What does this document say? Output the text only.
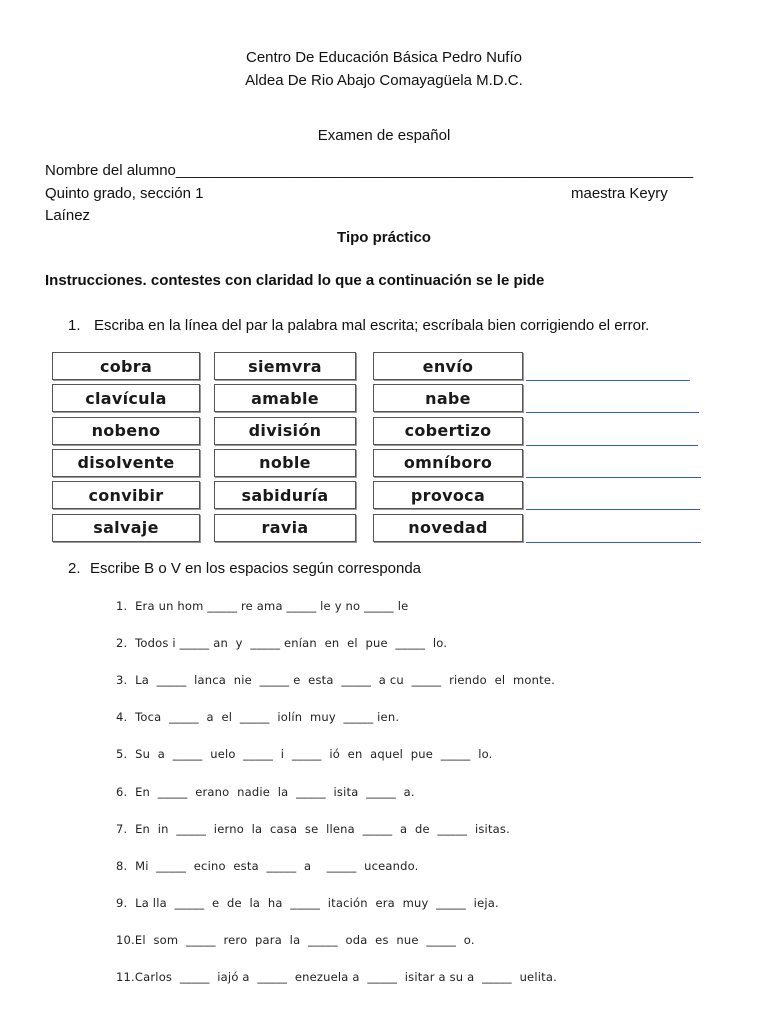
Centro De Educación Básica Pedro Nufío
Aldea De Rio Abajo Comayagüela M.D.C.
Examen de español
Nombre del alumno______________________________________________________________
Quinto grado, sección 1	maestra Keyry
Laínez
Tipo práctico
Instrucciones. contestes con claridad lo que a continuación se le pide
1. Escriba en la línea del par la palabra mal escrita; escríbala bien corrigiendo el error.
cobra	siemvra	envío
clavícula	amable	nabe
nobeno	división	cobertizo
disolvente	noble	omníboro
convibir	sabiduría	provoca
salvaje	ravia	novedad
2. Escribe B o V en los espacios según corresponda
1.  Era un hom _____ re ama _____ le y no _____ le
2.  Todos i _____ an  y  _____ enían  en  el  pue  _____  lo.
3.  La  _____  lanca  nie  _____ e  esta  _____  a cu  _____  riendo  el  monte.
4.  Toca  _____  a  el  _____  iolín  muy  _____ ien.
5.  Su  a  _____  uelo  _____  i  _____  ió  en  aquel  pue  _____  lo.
6.  En  _____  erano  nadie  la  _____  isita  _____  a.
7.  En  in  _____  ierno  la  casa  se  llena  _____  a  de  _____  isitas.
8.  Mi  _____  ecino  esta  _____  a    _____  uceando.
9.  La lla  _____  e  de  la  ha  _____  itación  era  muy  _____  ieja.
10.El  som  _____  rero  para  la  _____  oda  es  nue  _____  o.
11.Carlos  _____  iajó a  _____  enezuela a  _____  isitar a su a  _____  uelita.
